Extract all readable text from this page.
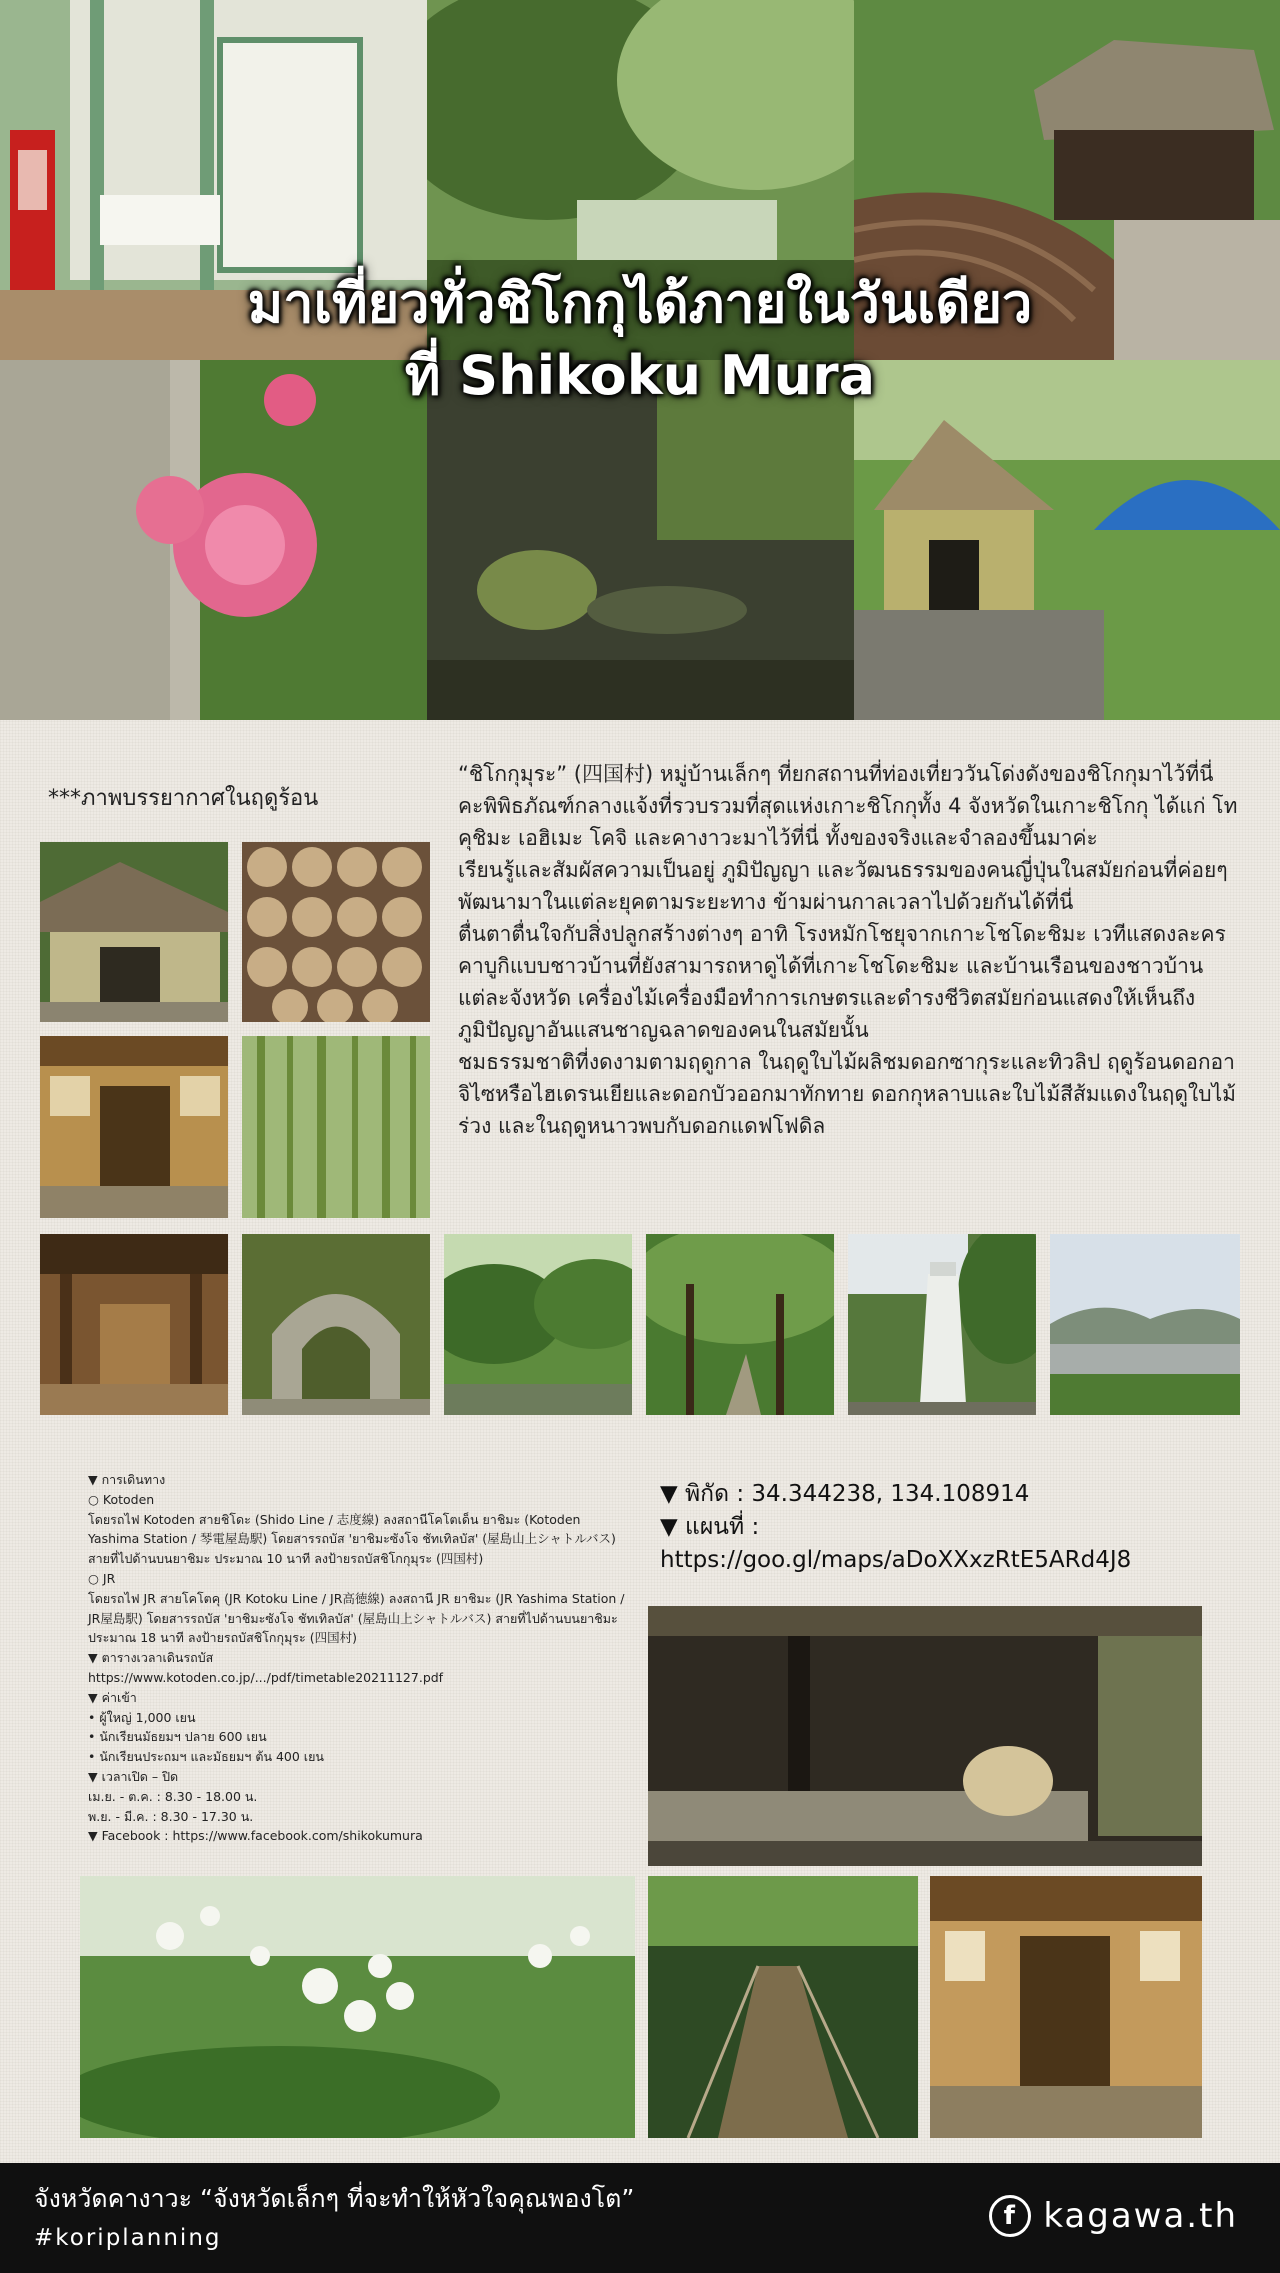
มาเที่ยวทั่วชิโกกุได้ภายในวันเดียว
ที่ Shikoku Mura
***ภาพบรรยากาศในฤดูร้อน

“ชิโกกุมุระ” (四国村) หมู่บ้านเล็กๆ ที่ยกสถานที่ท่องเที่ยววันโด่งดังของชิโกกุมาไว้ที่นี่คะพิพิธภัณฑ์กลางแจ้งที่รวบรวมที่สุดแห่งเกาะชิโกกุทั้ง 4 จังหวัดในเกาะชิโกกุ ได้แก่ โทคุชิมะ เอฮิเมะ โคจิ และคางาวะมาไว้ที่นี่ ทั้งของจริงและจำลองขึ้นมาค่ะ

เรียนรู้และสัมผัสความเป็นอยู่ ภูมิปัญญา และวัฒนธรรมของคนญี่ปุ่นในสมัยก่อนที่ค่อยๆ พัฒนามาในแต่ละยุคตามระยะทาง ข้ามผ่านกาลเวลาไปด้วยกันได้ที่นี่

ตื่นตาตื่นใจกับสิ่งปลูกสร้างต่างๆ อาทิ โรงหมักโชยุจากเกาะโชโดะชิมะ เวทีแสดงละครคาบูกิแบบชาวบ้านที่ยังสามารถหาดูได้ที่เกาะโชโดะชิมะ และบ้านเรือนของชาวบ้านแต่ละจังหวัด เครื่องไม้เครื่องมือทำการเกษตรและดำรงชีวิตสมัยก่อนแสดงให้เห็นถึงภูมิปัญญาอันแสนชาญฉลาดของคนในสมัยนั้น

ชมธรรมชาติที่งดงามตามฤดูกาล ในฤดูใบไม้ผลิชมดอกซากุระและทิวลิป ฤดูร้อนดอกอาจิไซหรือไฮเดรนเยียและดอกบัวออกมาทักทาย ดอกกุหลาบและใบไม้สีส้มแดงในฤดูใบไม้ร่วง และในฤดูหนาวพบกับดอกแดฟโฟดิล

▼ การเดินทาง
○ Kotoden
โดยรถไฟ Kotoden สายชิโดะ (Shido Line / 志度線) ลงสถานีโคโตเด็น ยาชิมะ (Kotoden Yashima Station / 琴電屋島駅) โดยสารรถบัส 'ยาชิมะซังโจ ชัทเทิลบัส' (屋島山上シャトルバス) สายที่ไปด้านบนยาชิมะ ประมาณ 10 นาที ลงป้ายรถบัสชิโกกุมุระ (四国村)
○ JR
โดยรถไฟ JR สายโคโตคุ (JR Kotoku Line / JR高徳線) ลงสถานี JR ยาชิมะ (JR Yashima Station / JR屋島駅) โดยสารรถบัส 'ยาชิมะซังโจ ชัทเทิลบัส' (屋島山上シャトルバス) สายที่ไปด้านบนยาชิมะ ประมาณ 18 นาที ลงป้ายรถบัสชิโกกุมุระ (四国村)
▼ ตารางเวลาเดินรถบัส
https://www.kotoden.co.jp/.../pdf/timetable20211127.pdf
▼ ค่าเข้า
• ผู้ใหญ่ 1,000 เยน
• นักเรียนมัธยมฯ ปลาย 600 เยน
• นักเรียนประถมฯ และมัธยมฯ ต้น 400 เยน
▼ เวลาเปิด – ปิด
เม.ย. - ต.ค. : 8.30 - 18.00 น.
พ.ย. - มี.ค. : 8.30 - 17.30 น.
▼ Facebook : https://www.facebook.com/shikokumura
▼ พิกัด : 34.344238, 134.108914
▼ แผนที่ :
https://goo.gl/maps/aDoXXxzRtE5ARd4J8
จังหวัดคางาวะ “จังหวัดเล็กๆ ที่จะทำให้หัวใจคุณพองโต”
#koriplanning
f kagawa.th
